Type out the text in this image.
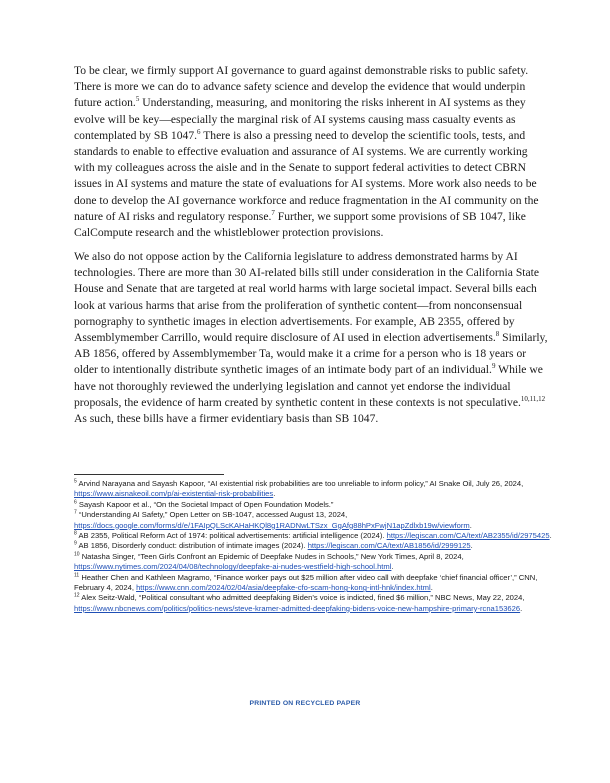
To be clear, we firmly support AI governance to guard against demonstrable risks to public safety. There is more we can do to advance safety science and develop the evidence that would underpin future action.$^5$ Understanding, measuring, and monitoring the risks inherent in AI systems as they evolve will be key—especially the marginal risk of AI systems causing mass casualty events as contemplated by SB 1047.$^6$ There is also a pressing need to develop the scientific tools, tests, and standards to enable to effective evaluation and assurance of AI systems. We are currently working with my colleagues across the aisle and in the Senate to support federal activities to detect CBRN issues in AI systems and mature the state of evaluations for AI systems. More work also needs to be done to develop the AI governance workforce and reduce fragmentation in the AI community on the nature of AI risks and regulatory response.$^7$ Further, we support some provisions of SB 1047, like CalCompute research and the whistleblower protection provisions.

We also do not oppose action by the California legislature to address demonstrated harms by AI technologies. There are more than 30 AI-related bills still under consideration in the California State House and Senate that are targeted at real world harms with large societal impact. Several bills each look at various harms that arise from the proliferation of synthetic content—from nonconsensual pornography to synthetic images in election advertisements. For example, AB 2355, offered by Assemblymember Carrillo, would require disclosure of AI used in election advertisements.$^8$ Similarly, AB 1856, offered by Assemblymember Ta, would make it a crime for a person who is 18 years or older to intentionally distribute synthetic images of an intimate body part of an individual.$^9$ While we have not thoroughly reviewed the underlying legislation and cannot yet endorse the individual proposals, the evidence of harm created by synthetic content in these contexts is not speculative.$^{10,11,12}$ As such, these bills have a firmer evidentiary basis than SB 1047.

$^5$ Arvind Narayana and Sayash Kapoor, “AI existential risk probabilities are too unreliable to inform policy,” AI Snake Oil, July 26, 2024, https://www.aisnakeoil.com/p/ai-existential-risk-probabilities.
$^6$ Sayash Kapoor et al., “On the Societal Impact of Open Foundation Models.”
$^7$ “Understanding AI Safety,” Open Letter on SB-1047, accessed August 13, 2024, https://docs.google.com/forms/d/e/1FAIpQLScKAHaHKQl8g1RADNwLTSzx_GgAfg88hPxFwjN1apZdlxb19w/viewform.
$^8$ AB 2355, Political Reform Act of 1974: political advertisements: artificial intelligence (2024). https://legiscan.com/CA/text/AB2355/id/2975425.
$^9$ AB 1856, Disorderly conduct: distribution of intimate images (2024). https://legiscan.com/CA/text/AB1856/id/2999125.
$^{10}$ Natasha Singer, “Teen Girls Confront an Epidemic of Deepfake Nudes in Schools,” New York Times, April 8, 2024, https://www.nytimes.com/2024/04/08/technology/deepfake-ai-nudes-westfield-high-school.html.
$^{11}$ Heather Chen and Kathleen Magramo, “Finance worker pays out $25 million after video call with deepfake ‘chief financial officer’,” CNN, February 4, 2024, https://www.cnn.com/2024/02/04/asia/deepfake-cfo-scam-hong-kong-intl-hnk/index.html.
$^{12}$ Alex Seitz-Wald, “Political consultant who admitted deepfaking Biden’s voice is indicted, fined $6 million,” NBC News, May 22, 2024, https://www.nbcnews.com/politics/politics-news/steve-kramer-admitted-deepfaking-bidens-voice-new-hampshire-primary-rcna153626.
PRINTED ON RECYCLED PAPER
